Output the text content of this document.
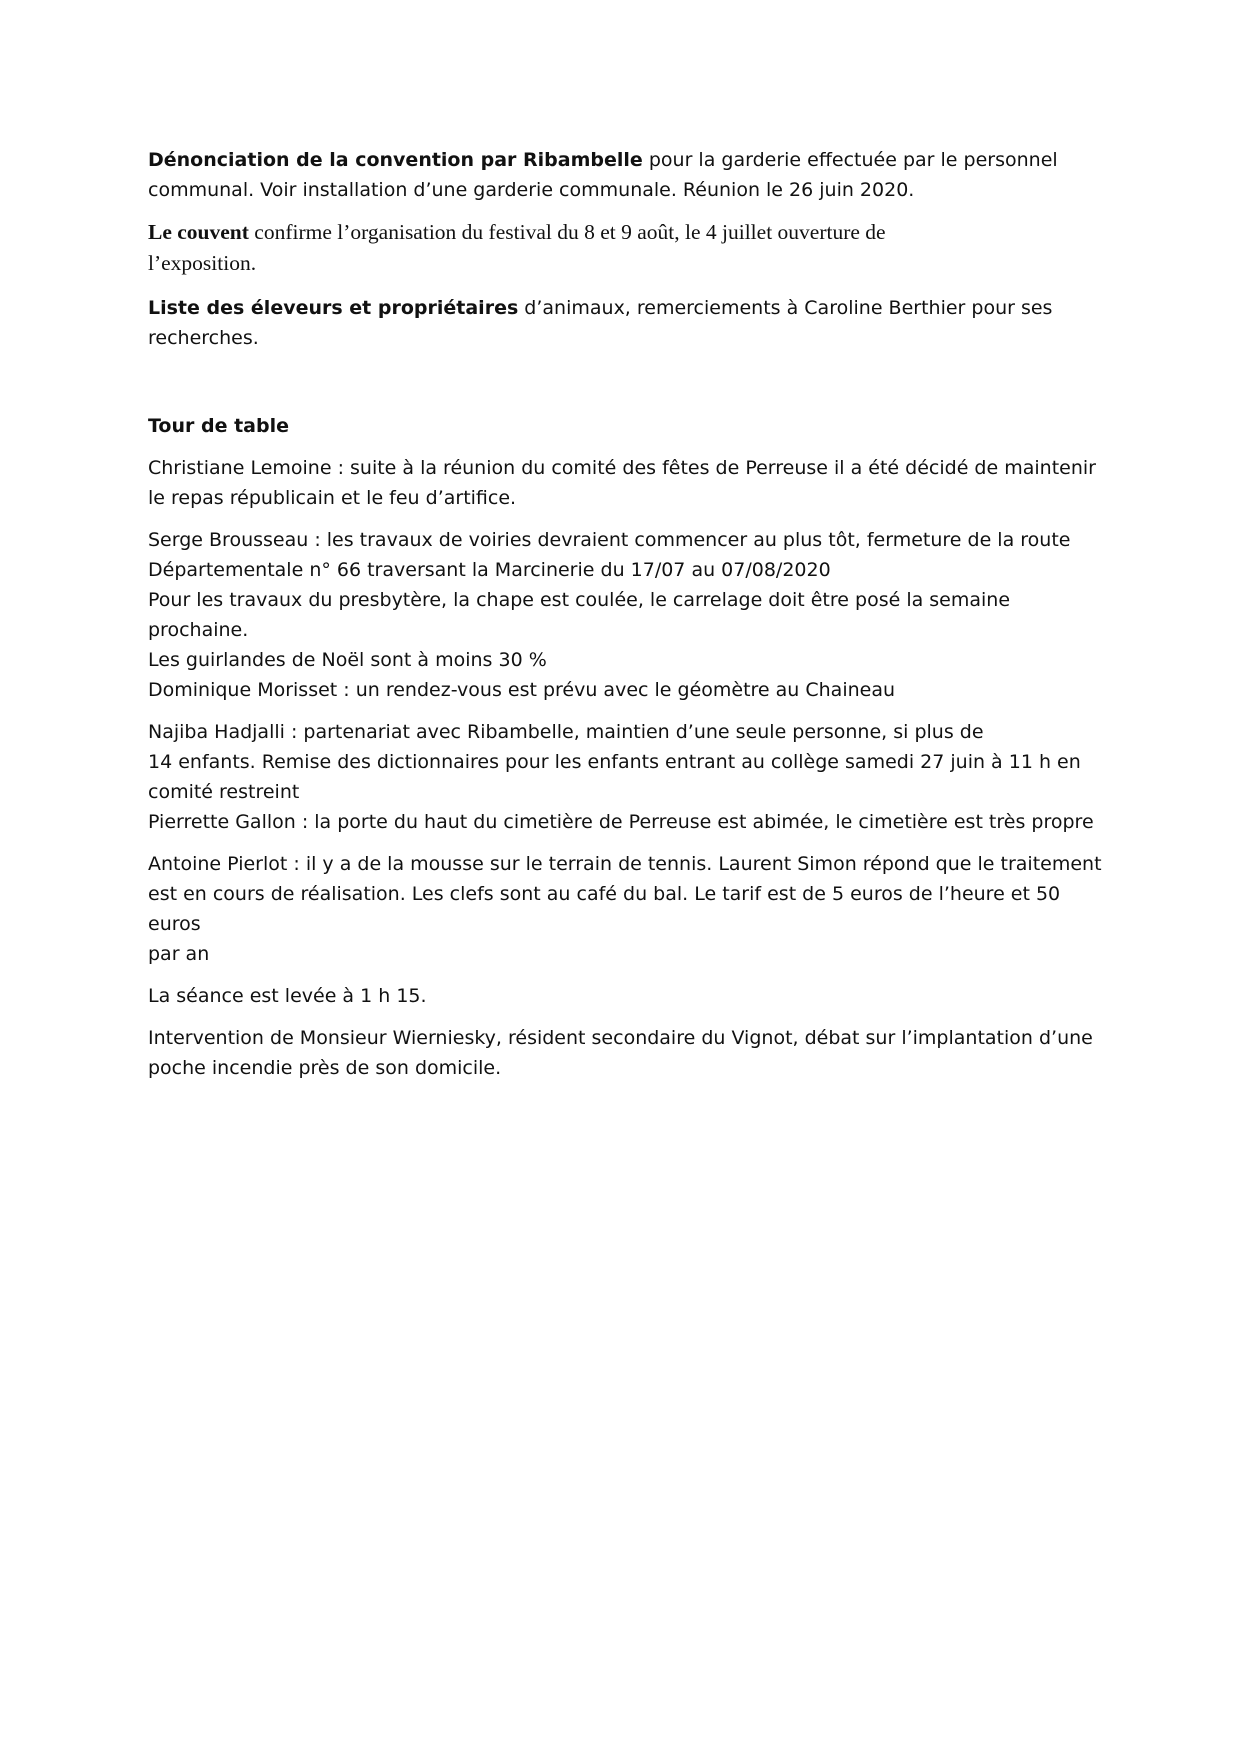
Dénonciation de la convention par Ribambelle pour la garderie effectuée par le personnel
communal. Voir installation d’une garderie communale. Réunion le 26 juin 2020.

Le couvent confirme l’organisation du festival du 8 et 9 août, le 4 juillet ouverture de
l’exposition.

Liste des éleveurs et propriétaires d’animaux, remerciements à Caroline Berthier pour ses
recherches.

Tour de table

Christiane Lemoine : suite à la réunion du comité des fêtes de Perreuse il a été décidé de maintenir
le repas républicain et le feu d’artifice.

Serge Brousseau : les travaux de voiries devraient commencer au plus tôt, fermeture de la route
Départementale n° 66 traversant la Marcinerie du 17/07 au 07/08/2020
Pour les travaux du presbytère, la chape est coulée, le carrelage doit être posé la semaine prochaine.
Les guirlandes de Noël sont à moins 30 %
Dominique Morisset : un rendez-vous est prévu avec le géomètre au Chaineau

Najiba Hadjalli : partenariat avec Ribambelle, maintien d’une seule personne, si plus de
14 enfants. Remise des dictionnaires pour les enfants entrant au collège samedi 27 juin à 11 h en
comité restreint
Pierrette Gallon : la porte du haut du cimetière de Perreuse est abimée, le cimetière est très propre

Antoine Pierlot : il y a de la mousse sur le terrain de tennis. Laurent Simon répond que le traitement
est en cours de réalisation. Les clefs sont au café du bal. Le tarif est de 5 euros de l’heure et 50 euros
par an

La séance est levée à 1 h 15.

Intervention de Monsieur Wierniesky, résident secondaire du Vignot, débat sur l’implantation d’une
poche incendie près de son domicile.
